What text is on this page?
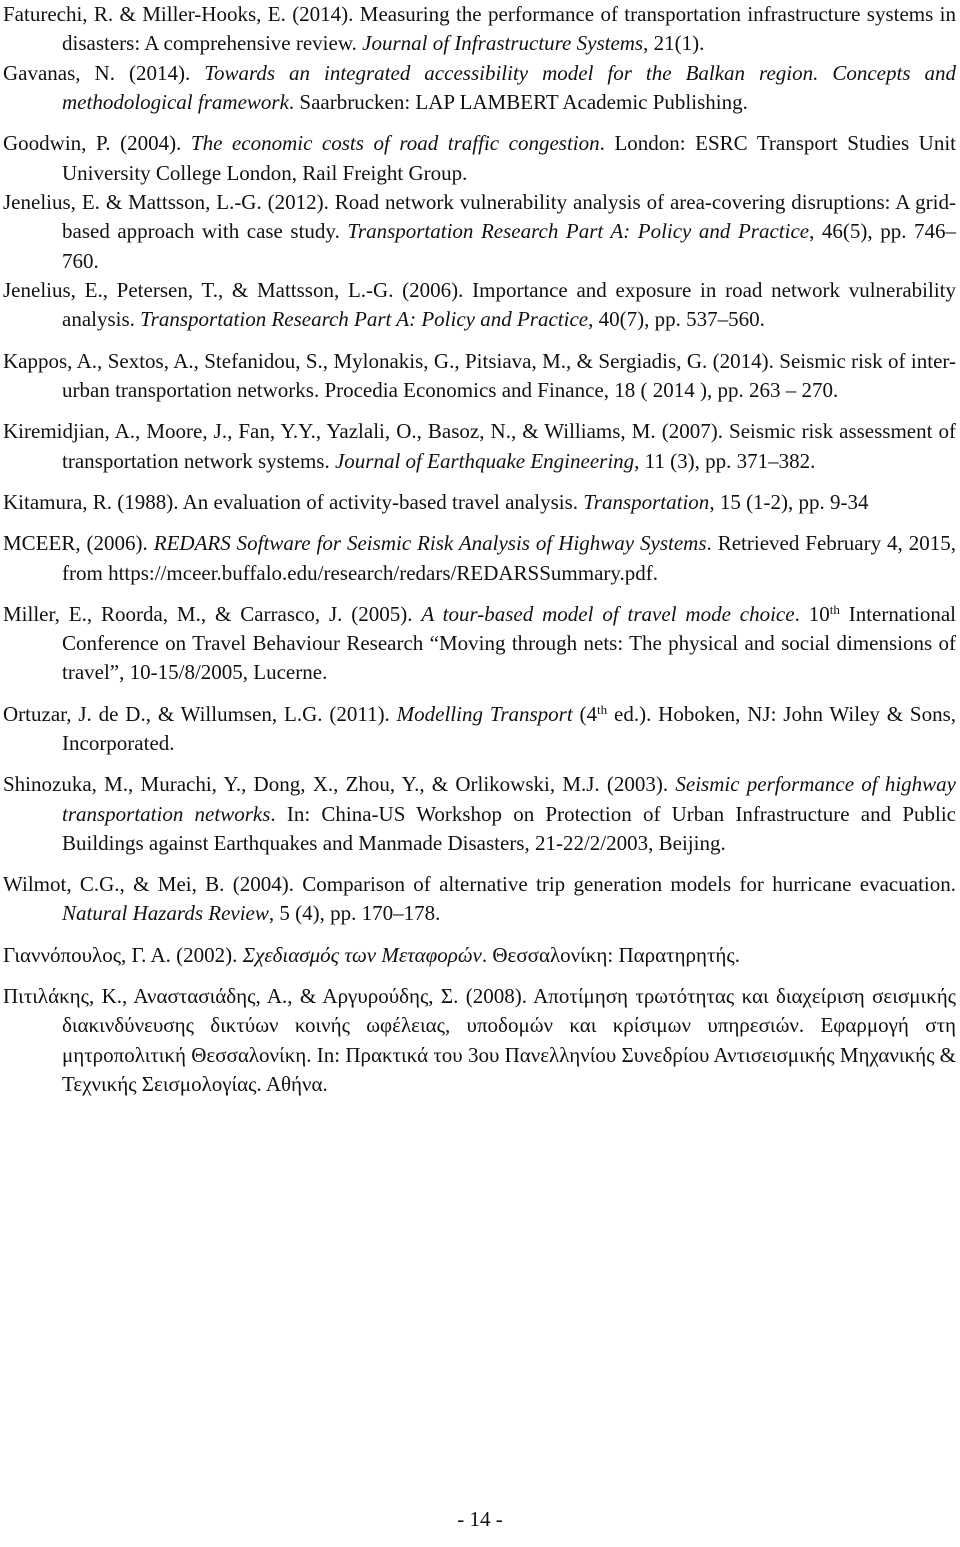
Faturechi, R. & Miller-Hooks, E. (2014). Measuring the performance of transportation infrastructure systems in disasters: A comprehensive review. Journal of Infrastructure Systems, 21(1).

Gavanas, N. (2014). Towards an integrated accessibility model for the Balkan region. Concepts and methodological framework. Saarbrucken: LAP LAMBERT Academic Publishing.

Goodwin, P. (2004). The economic costs of road traffic congestion. London: ESRC Transport Studies Unit University College London, Rail Freight Group.

Jenelius, E. & Mattsson, L.-G. (2012). Road network vulnerability analysis of area-covering disruptions: A grid-based approach with case study. Transportation Research Part A: Policy and Practice, 46(5), pp. 746–760.

Jenelius, E., Petersen, T., & Mattsson, L.-G. (2006). Importance and exposure in road network vulnerability analysis. Transportation Research Part A: Policy and Practice, 40(7), pp. 537–560.

Kappos, A., Sextos, A., Stefanidou, S., Mylonakis, G., Pitsiava, M., & Sergiadis, G. (2014). Seismic risk of inter-urban transportation networks. Procedia Economics and Finance, 18 ( 2014 ), pp. 263 – 270.

Kiremidjian, A., Moore, J., Fan, Y.Y., Yazlali, O., Basoz, N., & Williams, M. (2007). Seismic risk assessment of transportation network systems. Journal of Earthquake Engineering, 11 (3), pp. 371–382.

Kitamura, R. (1988). An evaluation of activity-based travel analysis. Transportation, 15 (1-2), pp. 9-34

MCEER, (2006). REDARS Software for Seismic Risk Analysis of Highway Systems. Retrieved February 4, 2015, from https://mceer.buffalo.edu/research/redars/REDARSSummary.pdf.

Miller, E., Roorda, M., & Carrasco, J. (2005). A tour-based model of travel mode choice. 10th International Conference on Travel Behaviour Research “Moving through nets: The physical and social dimensions of travel”, 10-15/8/2005, Lucerne.

Ortuzar, J. de D., & Willumsen, L.G. (2011). Modelling Transport (4th ed.). Hoboken, NJ: John Wiley & Sons, Incorporated.

Shinozuka, M., Murachi, Y., Dong, X., Zhou, Y., & Orlikowski, M.J. (2003). Seismic performance of highway transportation networks. In: China-US Workshop on Protection of Urban Infrastructure and Public Buildings against Earthquakes and Manmade Disasters, 21-22/2/2003, Beijing.

Wilmot, C.G., & Mei, B. (2004). Comparison of alternative trip generation models for hurricane evacuation. Natural Hazards Review, 5 (4), pp. 170–178.

Γιαννόπουλος, Γ. Α. (2002). Σχεδιασμός των Μεταφορών. Θεσσαλονίκη: Παρατηρητής.

Πιτιλάκης, Κ., Αναστασιάδης, Α., & Αργυρούδης, Σ. (2008). Αποτίμηση τρωτότητας και διαχείριση σεισμικής διακινδύνευσης δικτύων κοινής ωφέλειας, υποδομών και κρίσιμων υπηρεσιών. Εφαρμογή στη μητροπολιτική Θεσσαλονίκη. In: Πρακτικά του 3ου Πανελληνίου Συνεδρίου Αντισεισμικής Μηχανικής & Τεχνικής Σεισμολογίας. Αθήνα.

- 14 -
